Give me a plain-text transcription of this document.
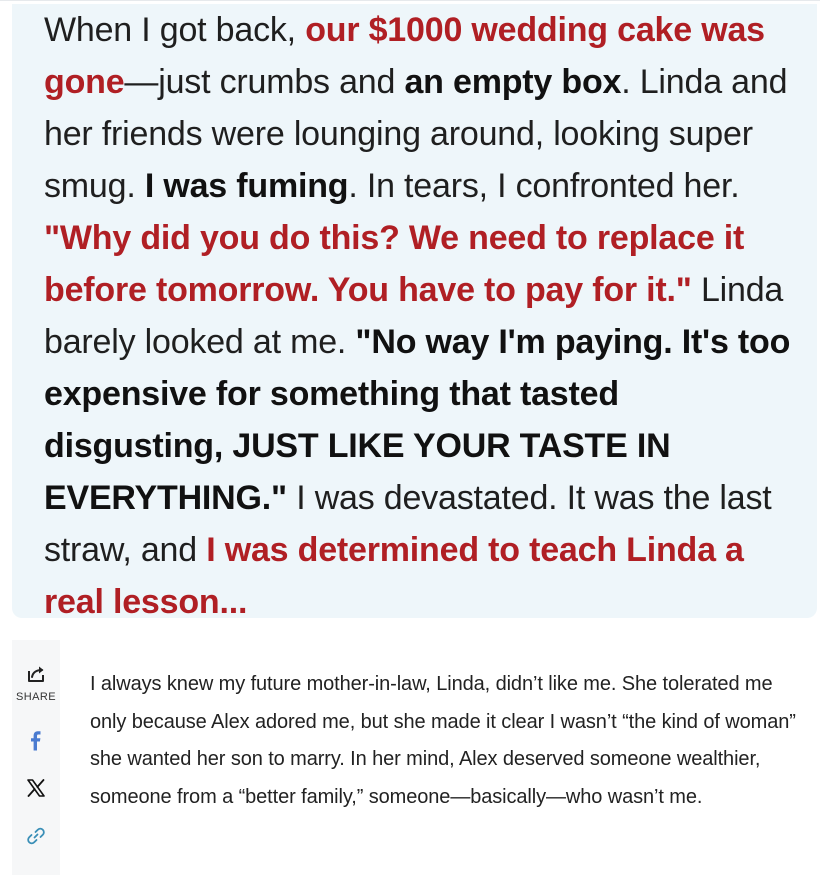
When I got back, our $1000 wedding cake was gone—just crumbs and an empty box. Linda and her friends were lounging around, looking super smug. I was fuming. In tears, I confronted her. "Why did you do this? We need to replace it before tomorrow. You have to pay for it." Linda barely looked at me. "No way I'm paying. It's too expensive for something that tasted disgusting, JUST LIKE YOUR TASTE IN EVERYTHING." I was devastated. It was the last straw, and I was determined to teach Linda a real lesson...

SHARE

I always knew my future mother-in-law, Linda, didn’t like me. She tolerated me only because Alex adored me, but she made it clear I wasn’t “the kind of woman” she wanted her son to marry. In her mind, Alex deserved someone wealthier, someone from a “better family,” someone—basically—who wasn’t me.
